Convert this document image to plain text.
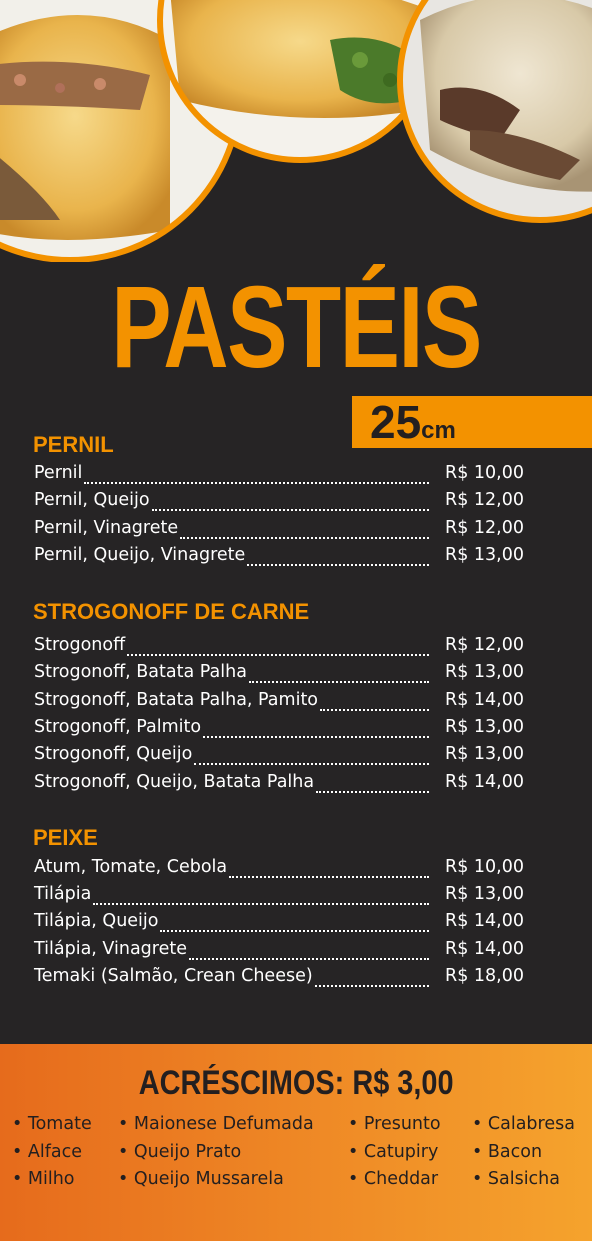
PASTÉIS
25cm
PERNIL
Pernil	R$ 10,00
Pernil, Queijo	R$ 12,00
Pernil, Vinagrete	R$ 12,00
Pernil, Queijo, Vinagrete	R$ 13,00
STROGONOFF DE CARNE
Strogonoff	R$ 12,00
Strogonoff, Batata Palha	R$ 13,00
Strogonoff, Batata Palha, Pamito	R$ 14,00
Strogonoff, Palmito	R$ 13,00
Strogonoff, Queijo	R$ 13,00
Strogonoff, Queijo, Batata Palha	R$ 14,00
PEIXE
Atum, Tomate, Cebola	R$ 10,00
Tilápia	R$ 13,00
Tilápia, Queijo	R$ 14,00
Tilápia, Vinagrete	R$ 14,00
Temaki (Salmão, Crean Cheese)	R$ 18,00
ACRÉSCIMOS: R$ 3,00
• Tomate
• Alface
• Milho
• Maionese Defumada
• Queijo Prato
• Queijo Mussarela
• Presunto
• Catupiry
• Cheddar
• Calabresa
• Bacon
• Salsicha
